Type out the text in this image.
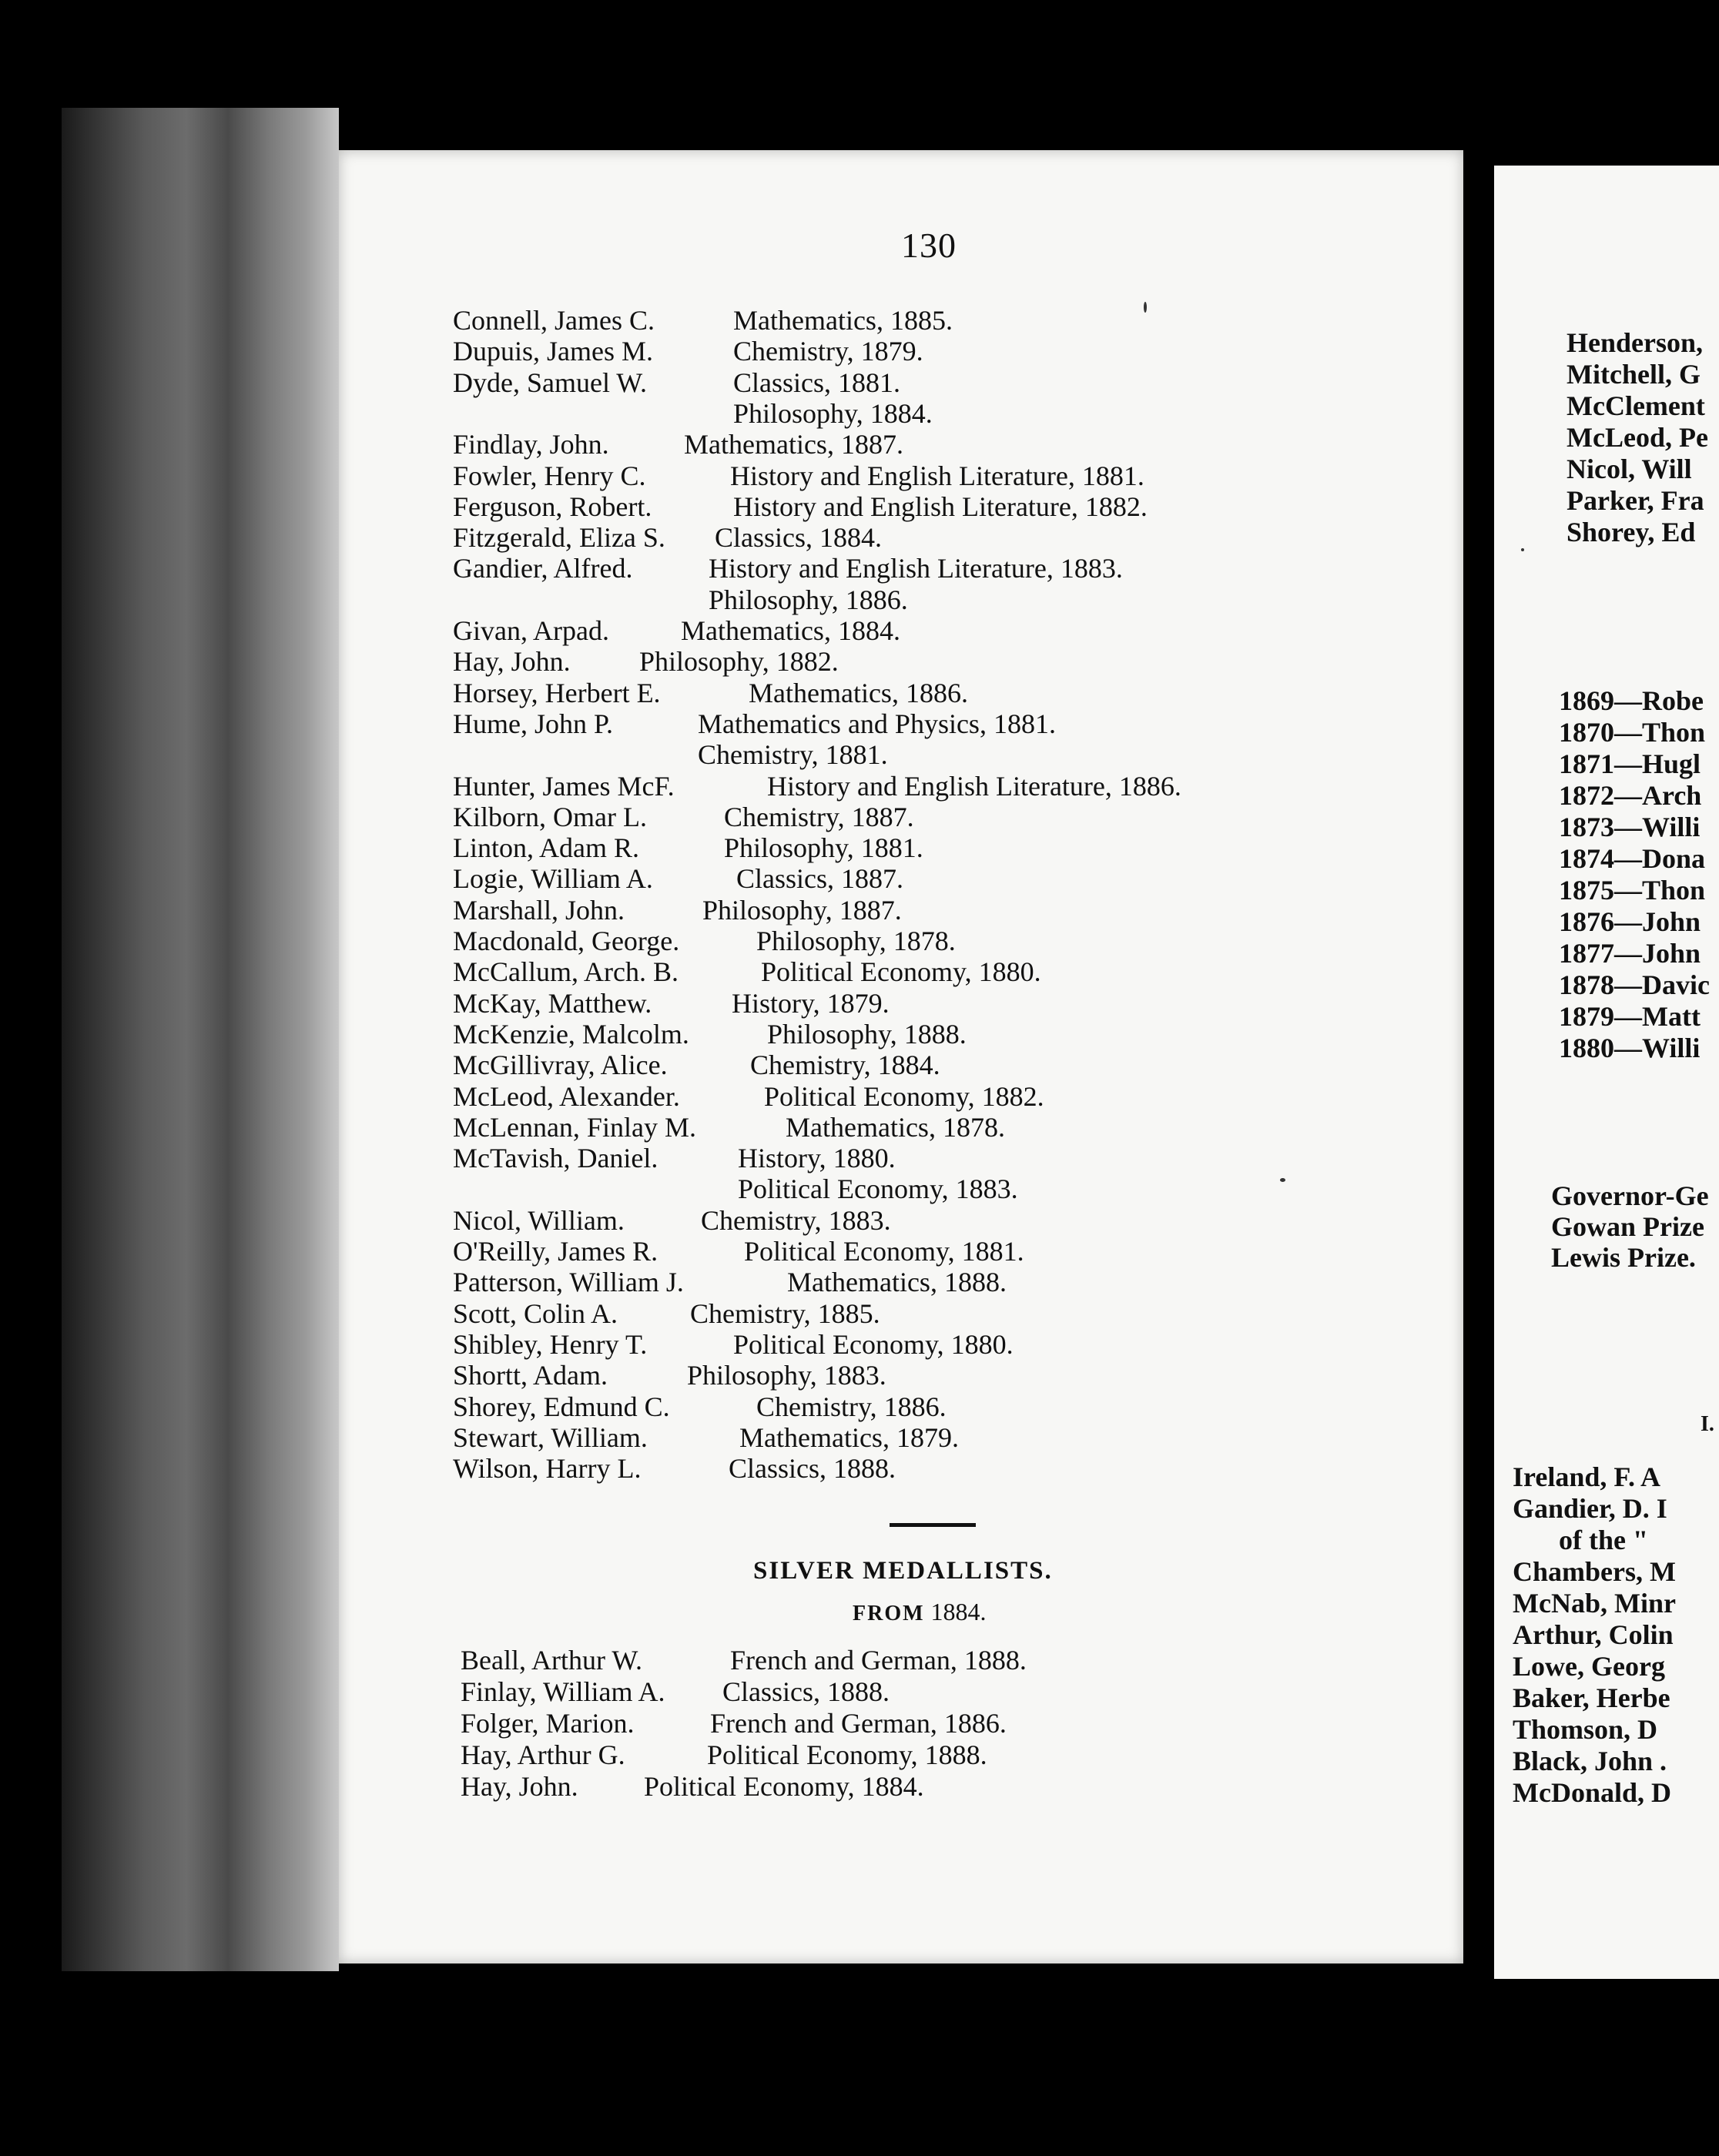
Henderson,
Mitchell, G
McClement
McLeod, Pe
Nicol, Will
Parker, Fra
Shorey, Ed
1869—Robe
1870—Thon
1871—Hugl
1872—Arch
1873—Willi
1874—Dona
1875—Thon
1876—John
1877—John
1878—Davic
1879—Matt
1880—Willi
Governor-Ge
Gowan Prize
Lewis Prize.
I.
Ireland, F. A
Gandier, D. I
of the "
Chambers, M
McNab, Minr
Arthur, Colin
Lowe, Georg
Baker, Herbe
Thomson, D
Black, John .
McDonald, D
130
Connell, James C.	Mathematics, 1885.
Dupuis, James M.	Chemistry, 1879.
Dyde, Samuel W.	Classics, 1881.
Philosophy, 1884.
Findlay, John.	Mathematics, 1887.
Fowler, Henry C.	History and English Literature, 1881.
Ferguson, Robert.	History and English Literature, 1882.
Fitzgerald, Eliza S. Classics, 1884.
Gandier, Alfred.	History and English Literature, 1883.
Philosophy, 1886.
Givan, Arpad.	Mathematics, 1884.
Hay, John. Philosophy, 1882.
Horsey, Herbert E.	Mathematics, 1886.
Hume, John P.	Mathematics and Physics, 1881.
Chemistry, 1881.
Hunter, James McF.	History and English Literature, 1886.
Kilborn, Omar L.	Chemistry, 1887.
Linton, Adam R.	Philosophy, 1881.
Logie, William A.	Classics, 1887.
Marshall, John.	Philosophy, 1887.
Macdonald, George.	Philosophy, 1878.
McCallum, Arch. B.	Political Economy, 1880.
McKay, Matthew.	History, 1879.
McKenzie, Malcolm.	Philosophy, 1888.
McGillivray, Alice.	Chemistry, 1884.
McLeod, Alexander.	Political Economy, 1882.
McLennan, Finlay M.	Mathematics, 1878.
McTavish, Daniel.	History, 1880.
Political Economy, 1883.
Nicol, William.	Chemistry, 1883.
O'Reilly, James R.	Political Economy, 1881.
Patterson, William J.	Mathematics, 1888.
Scott, Colin A.	Chemistry, 1885.
Shibley, Henry T.	Political Economy, 1880.
Shortt, Adam.	Philosophy, 1883.
Shorey, Edmund C.	Chemistry, 1886.
Stewart, William.	Mathematics, 1879.
Wilson, Harry L.	Classics, 1888.
SILVER MEDALLISTS.
FROM 1884.
Beall, Arthur W.	French and German, 1888.
Finlay, William A. Classics, 1888.
Folger, Marion.	French and German, 1886.
Hay, Arthur G.	Political Economy, 1888.
Hay, John. Political Economy, 1884.
